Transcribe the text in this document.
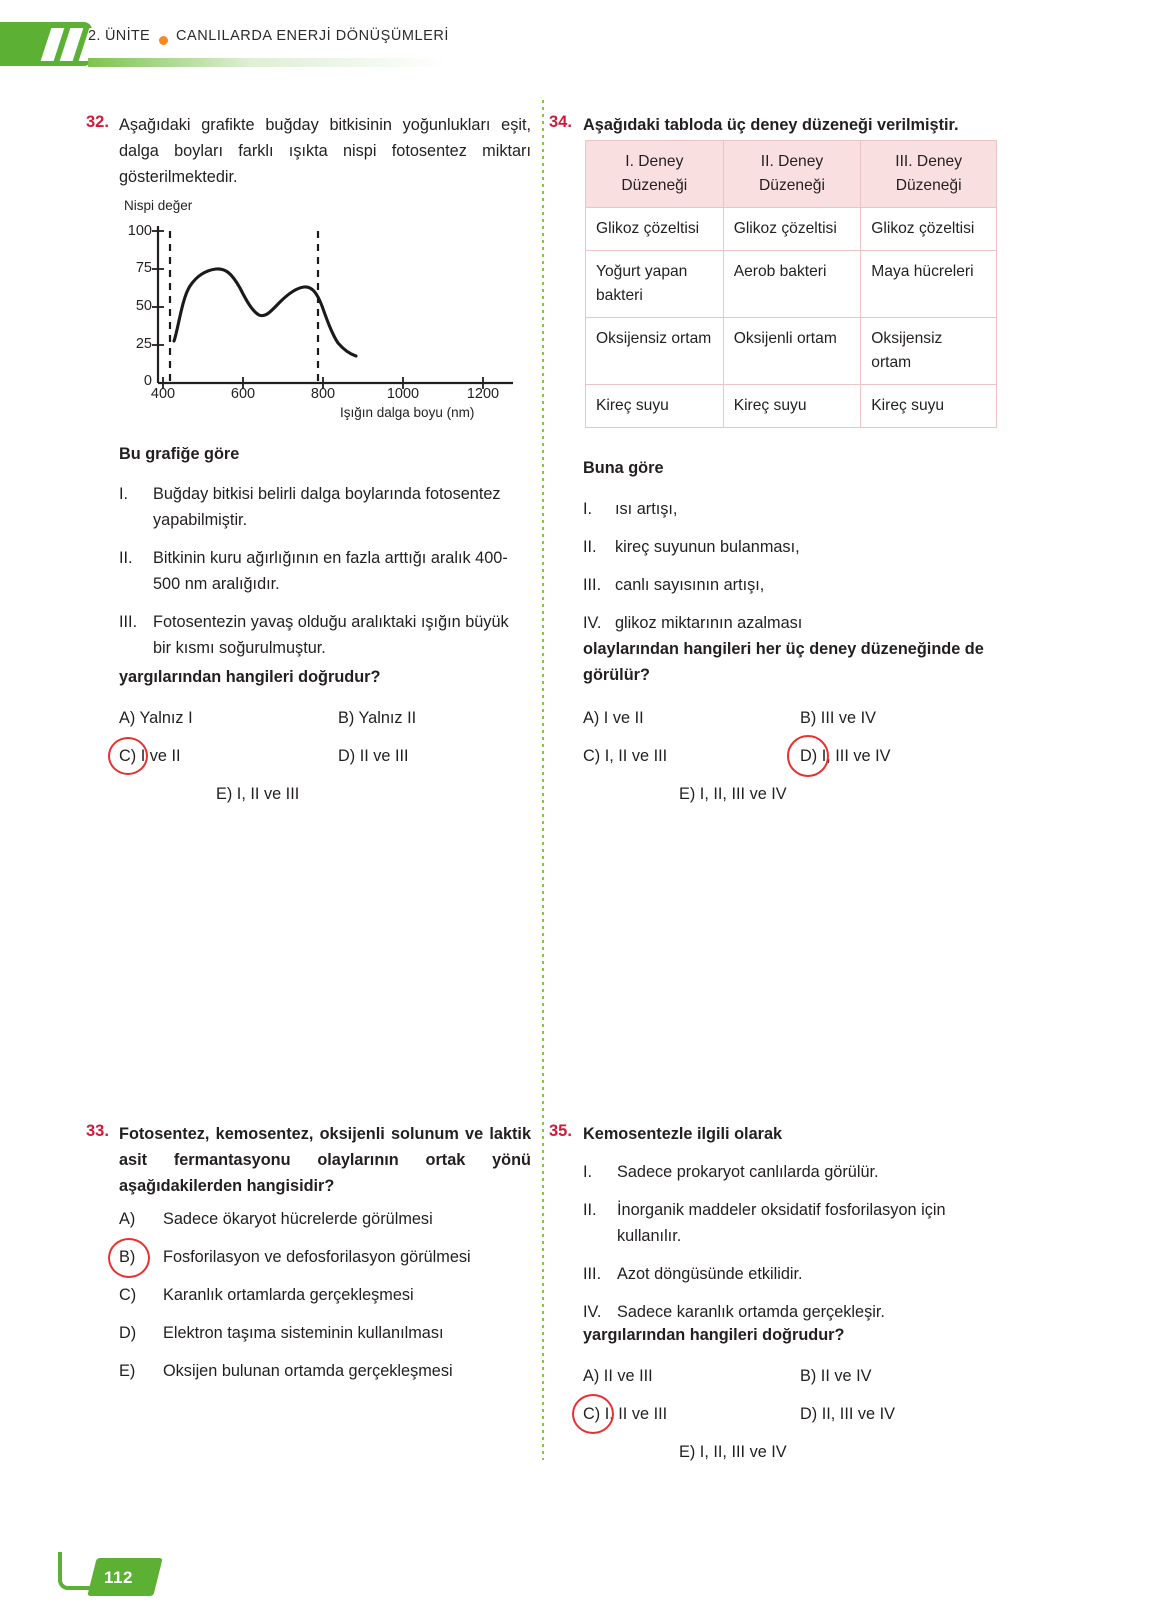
2. ÜNİTE CANLILARDA ENERJİ DÖNÜŞÜMLERİ
32. Aşağıdaki grafikte buğday bitkisinin yoğunlukları eşit, dalga boyları farklı ışıkta nispi fotosentez miktarı gösterilmektedir.
Nispi değer
100
75
50
25
0
400	600	800	1000	1200
Işığın dalga boyu (nm)
Bu grafiğe göre
I.	Buğday bitkisi belirli dalga boylarında fotosentez yapabilmiştir.
II.	Bitkinin kuru ağırlığının en fazla arttığı aralık 400-500 nm aralığıdır.
III. Fotosentezin yavaş olduğu aralıktaki ışığın büyük bir kısmı soğurulmuştur.
yargılarından hangileri doğrudur?
A) Yalnız I	B) Yalnız II
C) I ve II	D) II ve III
E) I, II ve III
33. Fotosentez, kemosentez, oksijenli solunum ve laktik asit fermantasyonu olaylarının ortak yönü aşağıdakilerden hangisidir?
A)	Sadece ökaryot hücrelerde görülmesi
B)	Fosforilasyon ve defosforilasyon görülmesi
C)	Karanlık ortamlarda gerçekleşmesi
D)	Elektron taşıma sisteminin kullanılması
E)	Oksijen bulunan ortamda gerçekleşmesi
34. Aşağıdaki tabloda üç deney düzeneği verilmiştir.
I. Deney Düzeneği	II. Deney Düzeneği	III. Deney Düzeneği
Glikoz çözeltisi	Glikoz çözeltisi	Glikoz çözeltisi
Yoğurt yapan bakteri	Aerob bakteri	Maya hücreleri
Oksijensiz ortam	Oksijenli ortam	Oksijensiz ortam
Kireç suyu	Kireç suyu	Kireç suyu
Buna göre
I.	ısı artışı,
II.	kireç suyunun bulanması,
III. canlı sayısının artışı,
IV. glikoz miktarının azalması
olaylarından hangileri her üç deney düzeneğinde de görülür?
A) I ve II	B) III ve IV
C) I, II ve III	D) I, III ve IV
E) I, II, III ve IV
35. Kemosentezle ilgili olarak
I.	Sadece prokaryot canlılarda görülür.
II.	İnorganik maddeler oksidatif fosforilasyon için kullanılır.
III. Azot döngüsünde etkilidir.
IV. Sadece karanlık ortamda gerçekleşir.
yargılarından hangileri doğrudur?
A) II ve III	B) II ve IV
C) I, II ve III	D) II, III ve IV
E) I, II, III ve IV
112
